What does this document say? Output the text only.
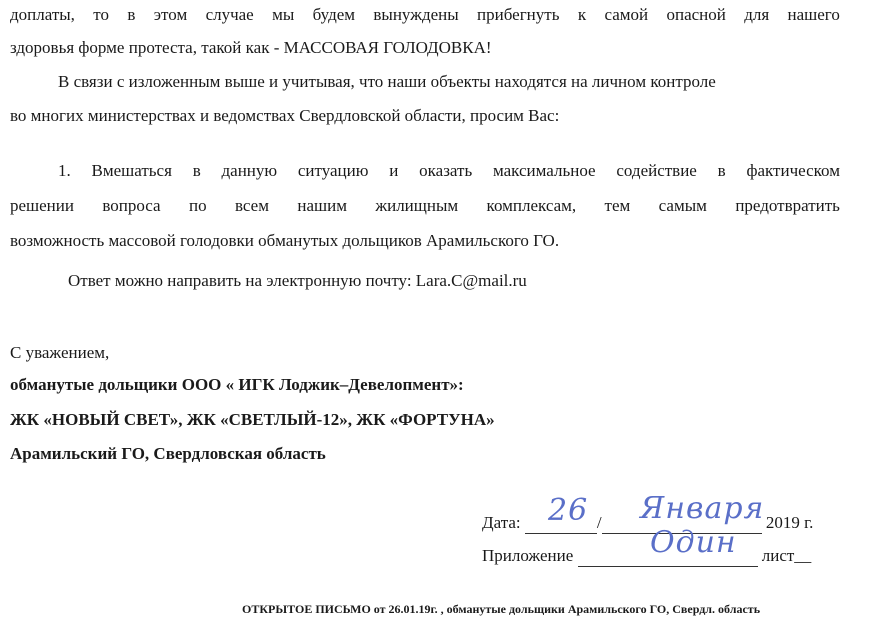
доплаты, то в этом случае мы будем вынуждены прибегнуть к самой опасной для нашего
здоровья форме протеста, такой как - МАССОВАЯ ГОЛОДОВКА!
В связи с изложенным выше и учитывая, что наши объекты находятся на личном контроле
во многих министерствах и ведомствах Свердловской области, просим Вас:
1. Вмешаться в данную ситуацию и оказать максимальное содействие в фактическом
решении вопроса по всем нашим жилищным комплексам, тем самым предотвратить
возможность массовой голодовки обманутых дольщиков Арамильского ГО.
Ответ можно направить на электронную почту: Lara.C@mail.ru
С уважением,
обманутые дольщики ООО « ИГК Лоджик–Девелопмент»:
ЖК «НОВЫЙ СВЕТ», ЖК «СВЕТЛЫЙ-12», ЖК «ФОРТУНА»
Арамильский ГО, Свердловская область
Дата:	/	2019 г.
26 Января
Приложение	лист__
Один
ОТКРЫТОЕ ПИСЬМО от 26.01.19г. , обманутые дольщики Арамильского ГО, Свердл. область
